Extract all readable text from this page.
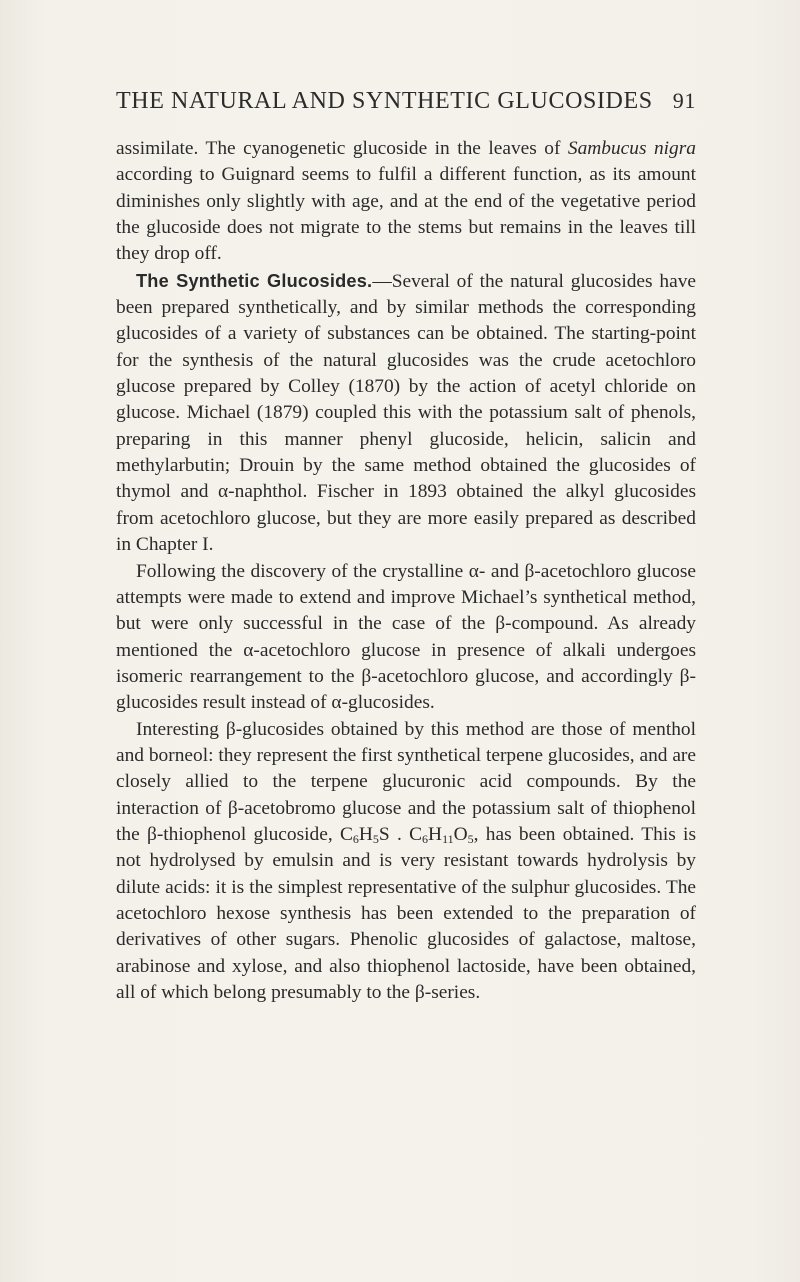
THE NATURAL AND SYNTHETIC GLUCOSIDES 91

assimilate. The cyanogenetic glucoside in the leaves of Sambucus nigra according to Guignard seems to fulfil a different function, as its amount diminishes only slightly with age, and at the end of the vegetative period the glucoside does not migrate to the stems but remains in the leaves till they drop off.

The Synthetic Glucosides.—Several of the natural glucosides have been prepared synthetically, and by similar methods the corresponding glucosides of a variety of substances can be obtained. The starting-point for the synthesis of the natural glucosides was the crude acetochloro glucose prepared by Colley (1870) by the action of acetyl chloride on glucose. Michael (1879) coupled this with the potassium salt of phenols, preparing in this manner phenyl glucoside, helicin, salicin and methylarbutin; Drouin by the same method obtained the glucosides of thymol and α-naphthol. Fischer in 1893 obtained the alkyl glucosides from acetochloro glucose, but they are more easily prepared as described in Chapter I.

Following the discovery of the crystalline α- and β-acetochloro glucose attempts were made to extend and improve Michael’s synthetical method, but were only successful in the case of the β-compound. As already mentioned the α-acetochloro glucose in presence of alkali undergoes isomeric rearrangement to the β-acetochloro glucose, and accordingly β-glucosides result instead of α-glucosides.

Interesting β-glucosides obtained by this method are those of menthol and borneol: they represent the first synthetical terpene glucosides, and are closely allied to the terpene glucuronic acid compounds. By the interaction of β-acetobromo glucose and the potassium salt of thiophenol the β-thiophenol glucoside, $C_6H_5S$ . $C_6H_{11}O_5$, has been obtained. This is not hydrolysed by emulsin and is very resistant towards hydrolysis by dilute acids: it is the simplest representative of the sulphur glucosides. The acetochloro hexose synthesis has been extended to the preparation of derivatives of other sugars. Phenolic glucosides of galactose, maltose, arabinose and xylose, and also thiophenol lactoside, have been obtained, all of which belong presumably to the β-series.
